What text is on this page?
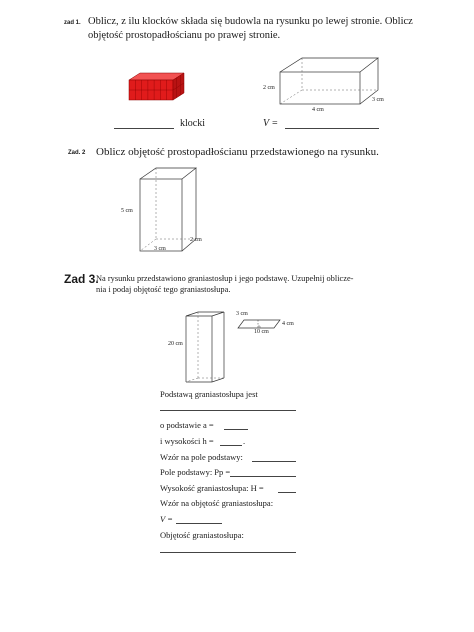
zad 1. Oblicz, z ilu klocków składa się budowla na rysunku po lewej stronie. Oblicz
objętość prostopadłościanu po prawej stronie.
2 cm
4 cm
3 cm
klocki	V =
Zad. 2 Oblicz objętość prostopadłościanu przedstawionego na rysunku.
5 cm
3 cm
2 cm
Zad 3.
Na rysunku przedstawiono graniastosłup i jego podstawę. Uzupełnij oblicze-
nia i podaj objętość tego graniastosłupa.
20 cm
3 cm
4 cm
10 cm
Podstawą graniastosłupa jest
o podstawie a =
i wysokości h =	.
Wzór na pole podstawy:
Pole podstawy: Pp =
Wysokość graniastosłupa: H =
Wzór na objętość graniastosłupa:
V =
Objętość graniastosłupa:
